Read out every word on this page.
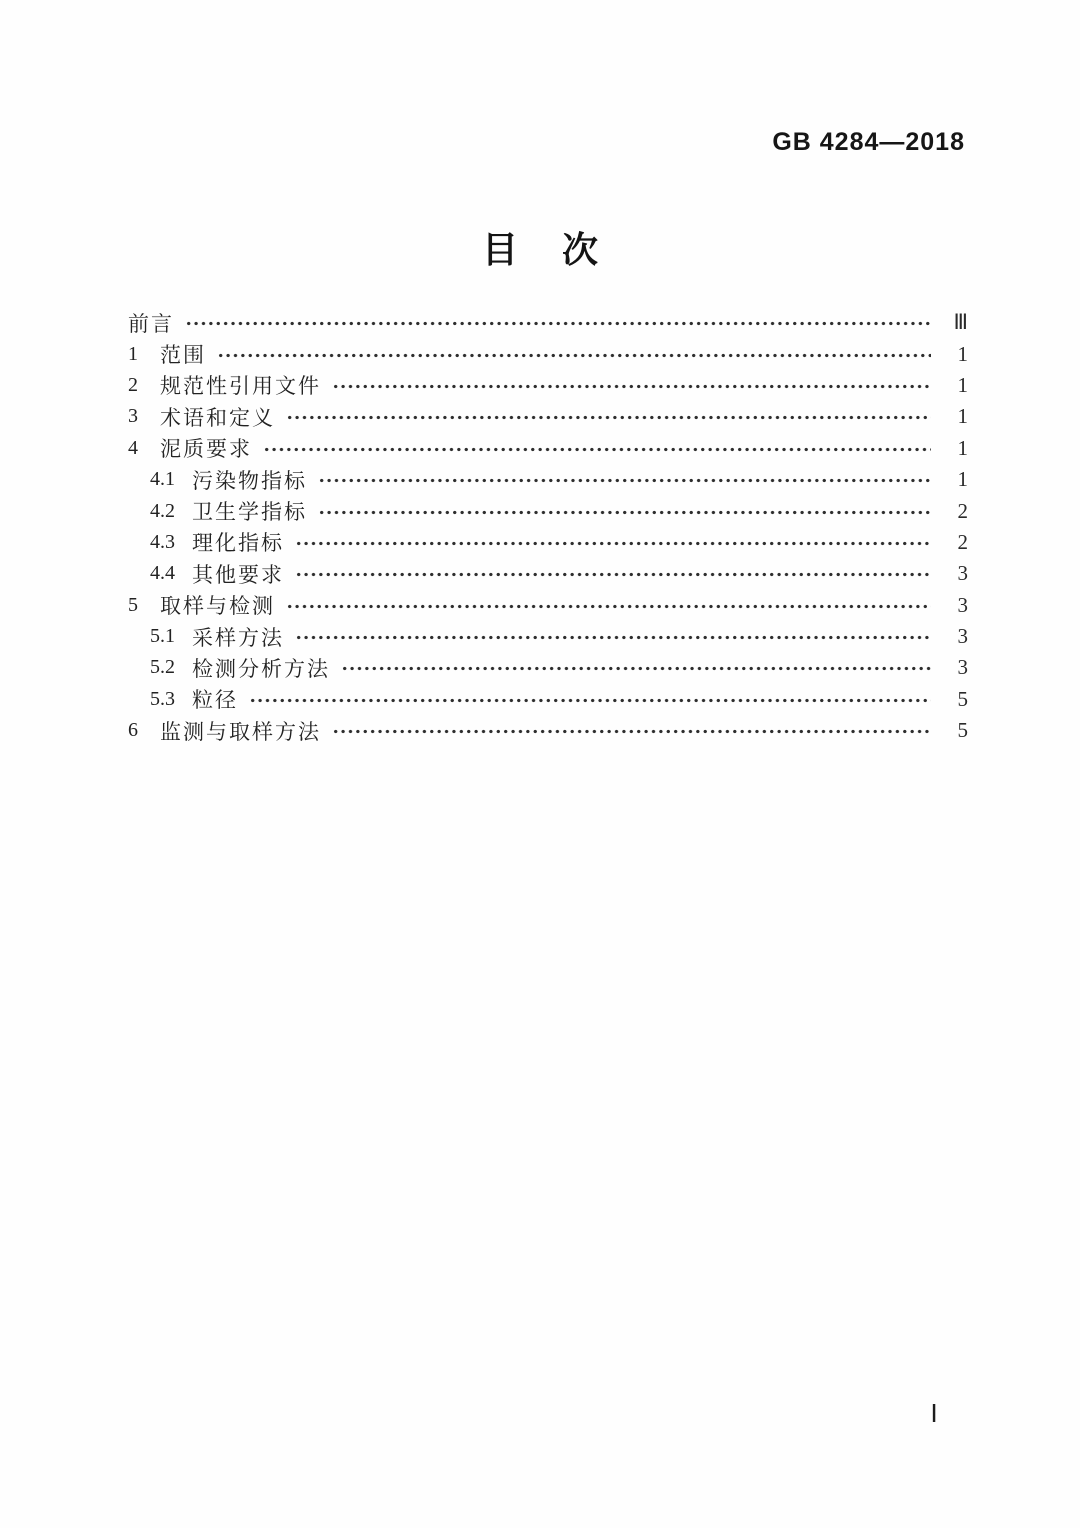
GB 4284—2018
目 次
前言	Ⅲ
1	范围	1
2	规范性引用文件	1
3	术语和定义	1
4	泥质要求	1
4.1 污染物指标	1
4.2 卫生学指标	2
4.3 理化指标	2
4.4 其他要求	3
5	取样与检测	3
5.1 采样方法	3
5.2 检测分析方法	3
5.3 粒径	5
6	监测与取样方法	5
Ⅰ
